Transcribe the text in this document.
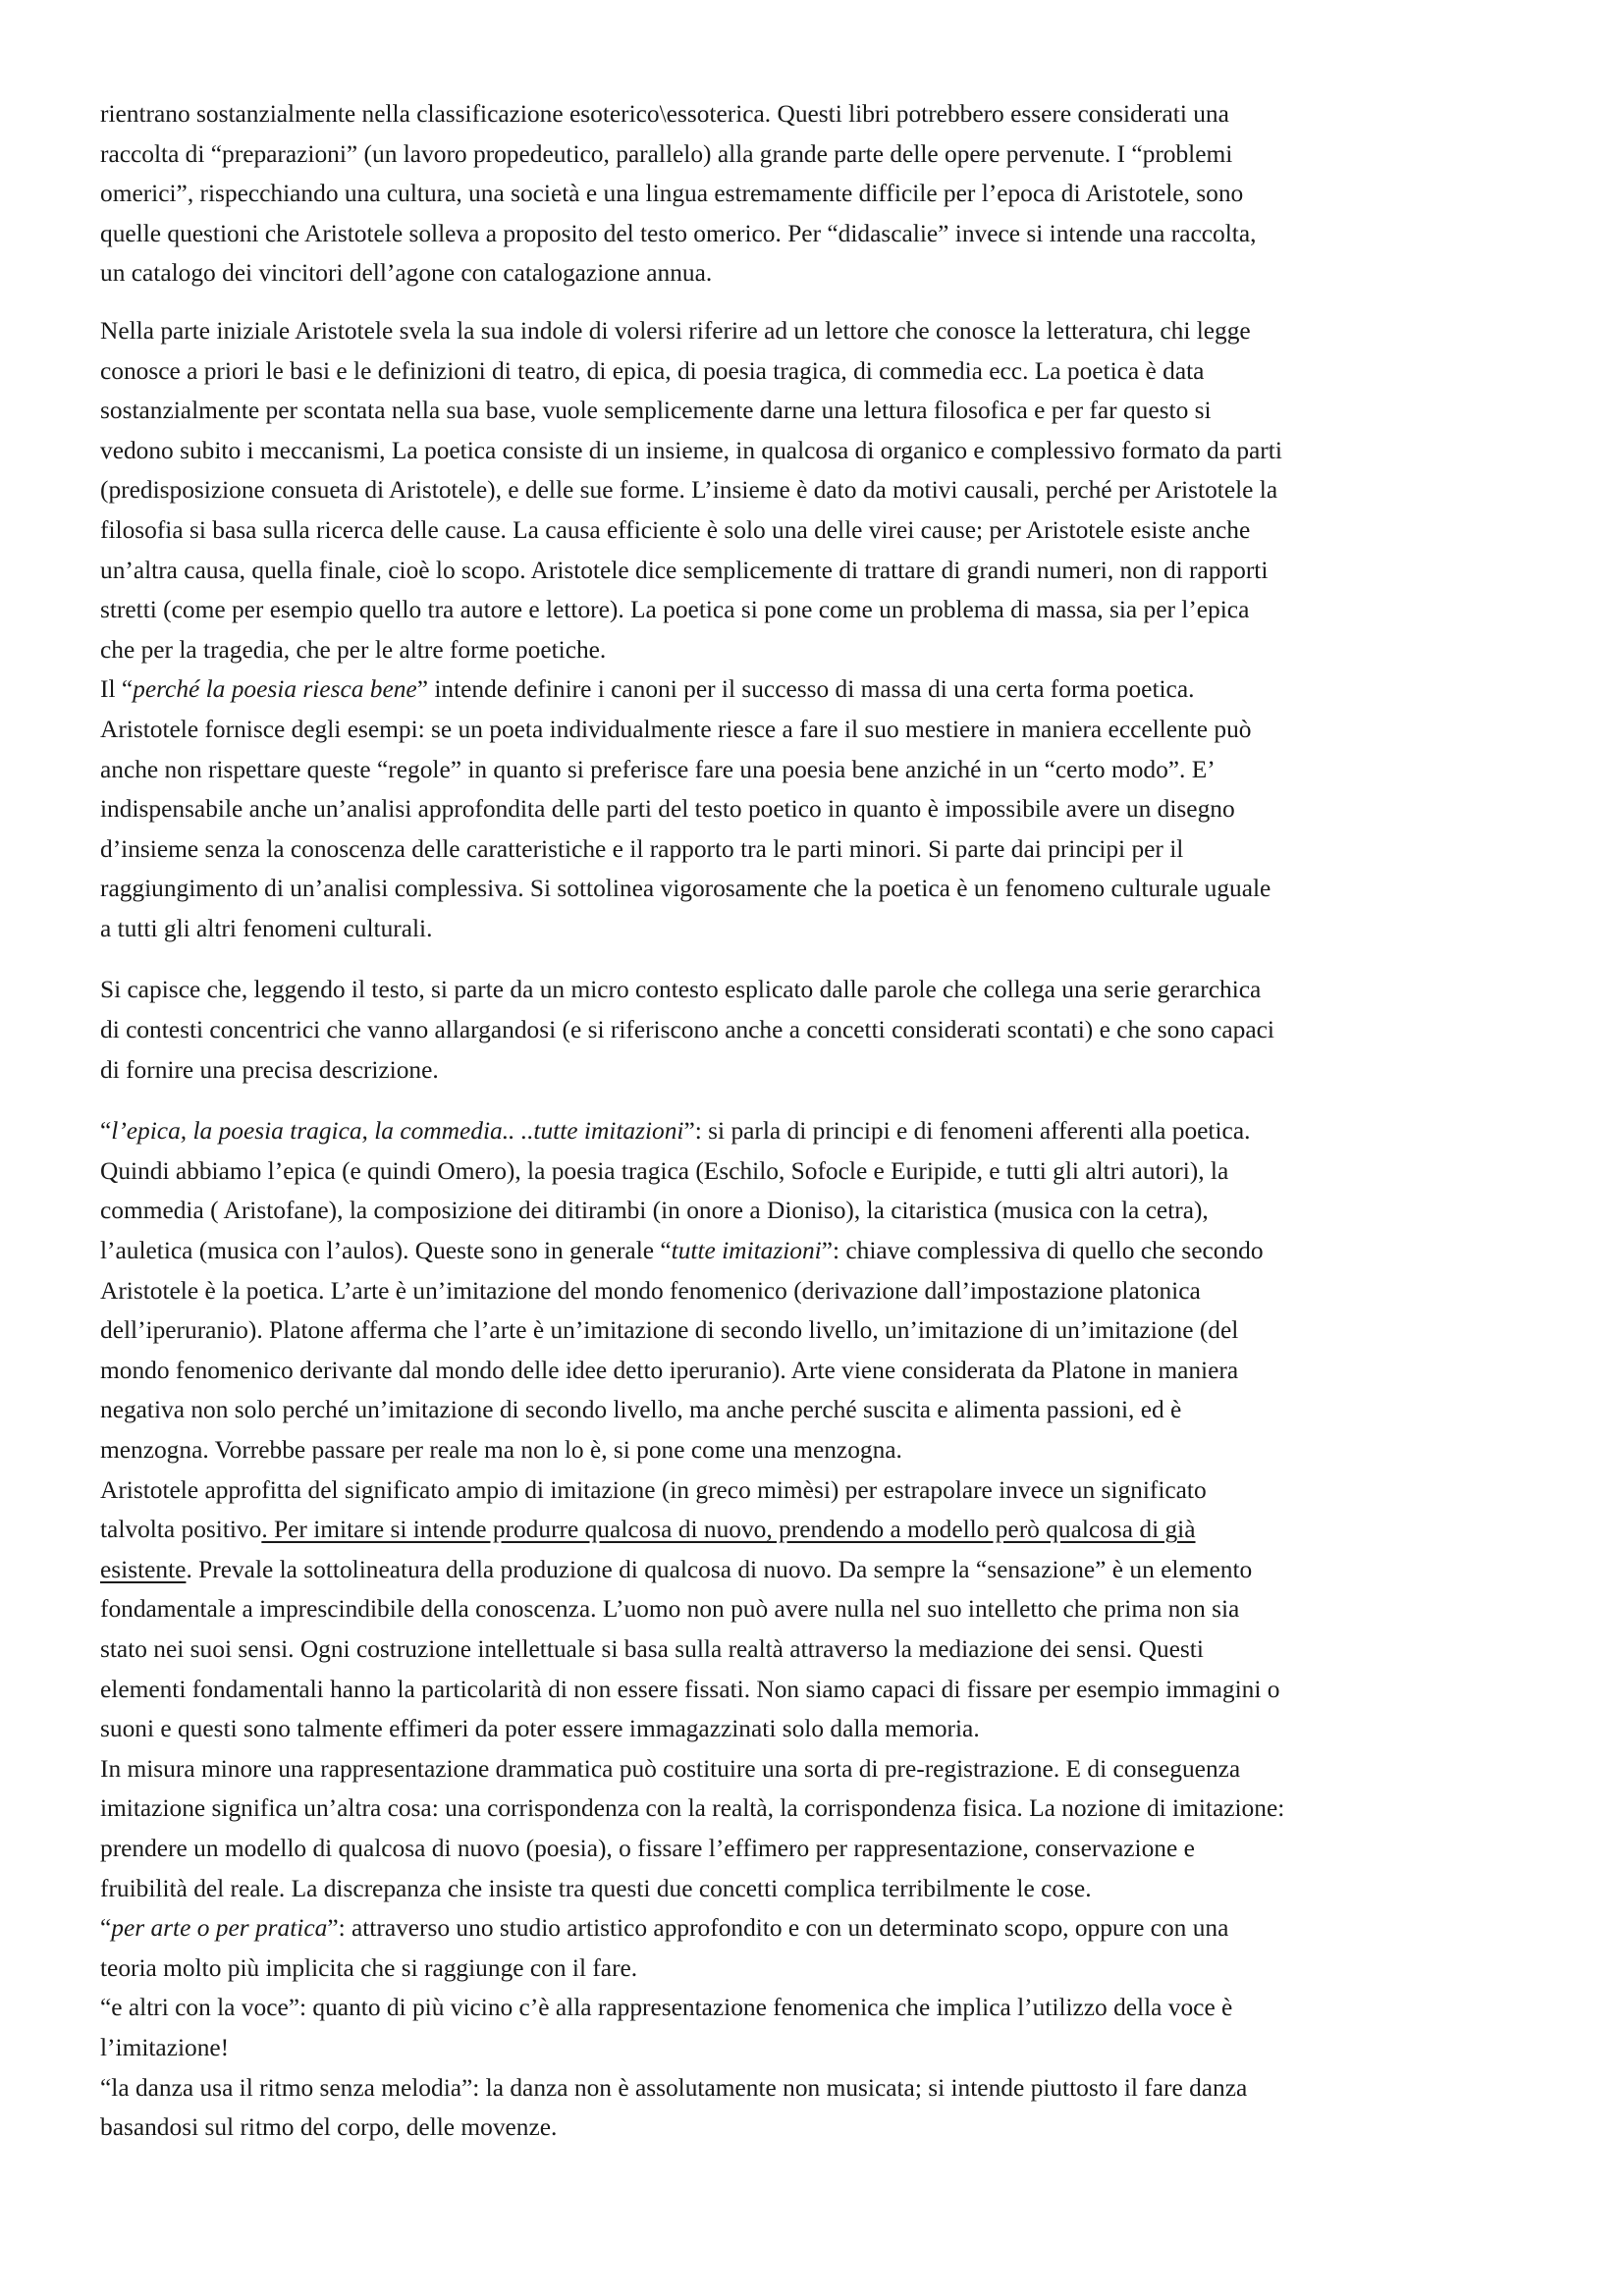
rientrano sostanzialmente nella classificazione esoterico\essoterica. Questi libri potrebbero essere considerati una

raccolta di “preparazioni” (un lavoro propedeutico, parallelo) alla grande parte delle opere pervenute. I “problemi

omerici”, rispecchiando una cultura, una società e una lingua estremamente difficile per l’epoca di Aristotele, sono

quelle questioni che Aristotele solleva a proposito del testo omerico. Per “didascalie” invece si intende una raccolta,

un catalogo dei vincitori dell’agone con catalogazione annua.

Nella parte iniziale Aristotele svela la sua indole di volersi riferire ad un lettore che conosce la letteratura, chi legge

conosce a priori le basi e le definizioni di teatro, di epica, di poesia tragica, di commedia ecc. La poetica è data

sostanzialmente per scontata nella sua base, vuole semplicemente darne una lettura filosofica e per far questo si

vedono subito i meccanismi, La poetica consiste di un insieme, in qualcosa di organico e complessivo formato da parti

(predisposizione consueta di Aristotele), e delle sue forme. L’insieme è dato da motivi causali, perché per Aristotele la

filosofia si basa sulla ricerca delle cause. La causa efficiente è solo una delle virei cause; per Aristotele esiste anche

un’altra causa, quella finale, cioè lo scopo. Aristotele dice semplicemente di trattare di grandi numeri, non di rapporti

stretti (come per esempio quello tra autore e lettore). La poetica si pone come un problema di massa, sia per l’epica

che per la tragedia, che per le altre forme poetiche.

Il “perché la poesia riesca bene” intende definire i canoni per il successo di massa di una certa forma poetica.

Aristotele fornisce degli esempi: se un poeta individualmente riesce a fare il suo mestiere in maniera eccellente può

anche non rispettare queste “regole” in quanto si preferisce fare una poesia bene anziché in un “certo modo”. E’

indispensabile anche un’analisi approfondita delle parti del testo poetico in quanto è impossibile avere un disegno

d’insieme senza la conoscenza delle caratteristiche e il rapporto tra le parti minori. Si parte dai principi per il

raggiungimento di un’analisi complessiva. Si sottolinea vigorosamente che la poetica è un fenomeno culturale uguale

a tutti gli altri fenomeni culturali.

Si capisce che, leggendo il testo, si parte da un micro contesto esplicato dalle parole che collega una serie gerarchica

di contesti concentrici che vanno allargandosi (e si riferiscono anche a concetti considerati scontati) e che sono capaci

di fornire una precisa descrizione.

“l’epica, la poesia tragica, la commedia.. ..tutte imitazioni”: si parla di principi e di fenomeni afferenti alla poetica.

Quindi abbiamo l’epica (e quindi Omero), la poesia tragica (Eschilo, Sofocle e Euripide, e tutti gli altri autori), la

commedia ( Aristofane), la composizione dei ditirambi (in onore a Dioniso), la citaristica (musica con la cetra),

l’auletica (musica con l’aulos). Queste sono in generale “tutte imitazioni”: chiave complessiva di quello che secondo

Aristotele è la poetica. L’arte è un’imitazione del mondo fenomenico (derivazione dall’impostazione platonica

dell’iperuranio). Platone afferma che l’arte è un’imitazione di secondo livello, un’imitazione di un’imitazione (del

mondo fenomenico derivante dal mondo delle idee detto iperuranio). Arte viene considerata da Platone in maniera

negativa non solo perché un’imitazione di secondo livello, ma anche perché suscita e alimenta passioni, ed è

menzogna. Vorrebbe passare per reale ma non lo è, si pone come una menzogna.

Aristotele approfitta del significato ampio di imitazione (in greco mimèsi) per estrapolare invece un significato

talvolta positivo. Per imitare si intende produrre qualcosa di nuovo, prendendo a modello però qualcosa di già

esistente. Prevale la sottolineatura della produzione di qualcosa di nuovo. Da sempre la “sensazione” è un elemento

fondamentale a imprescindibile della conoscenza. L’uomo non può avere nulla nel suo intelletto che prima non sia

stato nei suoi sensi. Ogni costruzione intellettuale si basa sulla realtà attraverso la mediazione dei sensi. Questi

elementi fondamentali hanno la particolarità di non essere fissati. Non siamo capaci di fissare per esempio immagini o

suoni e questi sono talmente effimeri da poter essere immagazzinati solo dalla memoria.

In misura minore una rappresentazione drammatica può costituire una sorta di pre-registrazione. E di conseguenza

imitazione significa un’altra cosa: una corrispondenza con la realtà, la corrispondenza fisica. La nozione di imitazione:

prendere un modello di qualcosa di nuovo (poesia), o fissare l’effimero per rappresentazione, conservazione e

fruibilità del reale. La discrepanza che insiste tra questi due concetti complica terribilmente le cose.

“per arte o per pratica”: attraverso uno studio artistico approfondito e con un determinato scopo, oppure con una

teoria molto più implicita che si raggiunge con il fare.

“e altri con la voce”: quanto di più vicino c’è alla rappresentazione fenomenica che implica l’utilizzo della voce è

l’imitazione!

“la danza usa il ritmo senza melodia”: la danza non è assolutamente non musicata; si intende piuttosto il fare danza

basandosi sul ritmo del corpo, delle movenze.
